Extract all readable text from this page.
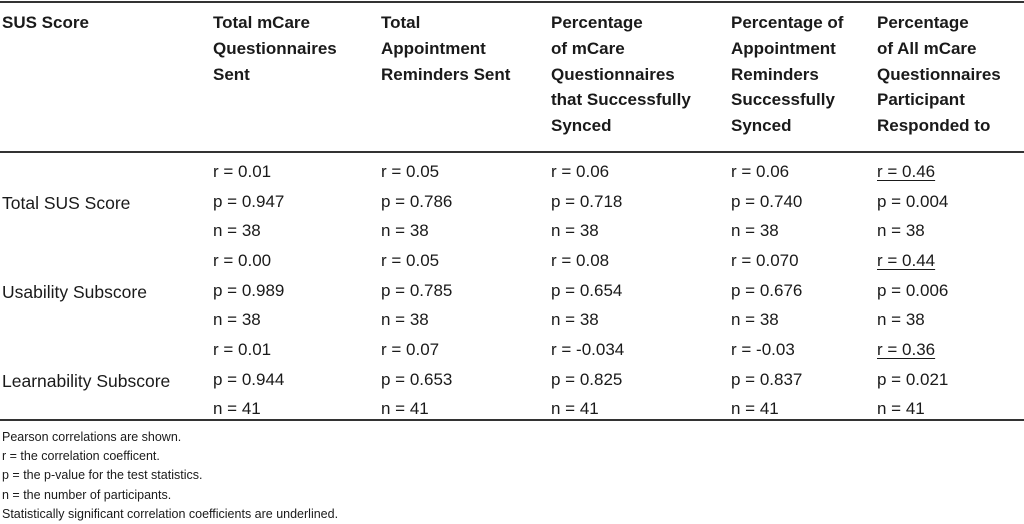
SUS Score	Total mCare
Questionnaires
Sent
Total
Appointment
Reminders Sent
Percentage
of mCare
Questionnaires
that Successfully
Synced
Percentage of
Appointment
Reminders
Successfully
Synced
Percentage
of All mCare
Questionnaires
Participant
Responded to
Total SUS Score
Usability Subscore
Learnability Subscore
r = 0.01
p = 0.947
n = 38
r = 0.05
p = 0.786
n = 38
r = 0.06
p = 0.718
n = 38
r = 0.06
p = 0.740
n = 38
r = 0.46
p = 0.004
n = 38
r = 0.00
p = 0.989
n = 38
r = 0.05
p = 0.785
n = 38
r = 0.08
p = 0.654
n = 38
r = 0.070
p = 0.676
n = 38
r = 0.44
p = 0.006
n = 38
r = 0.01
p = 0.944
n = 41
r = 0.07
p = 0.653
n = 41
r = -0.034
p = 0.825
n = 41
r = -0.03
p = 0.837
n = 41
r = 0.36
p = 0.021
n = 41
Pearson correlations are shown.
r = the correlation coefficent.
p = the p-value for the test statistics.
n = the number of participants.
Statistically significant correlation coefficients are underlined.
